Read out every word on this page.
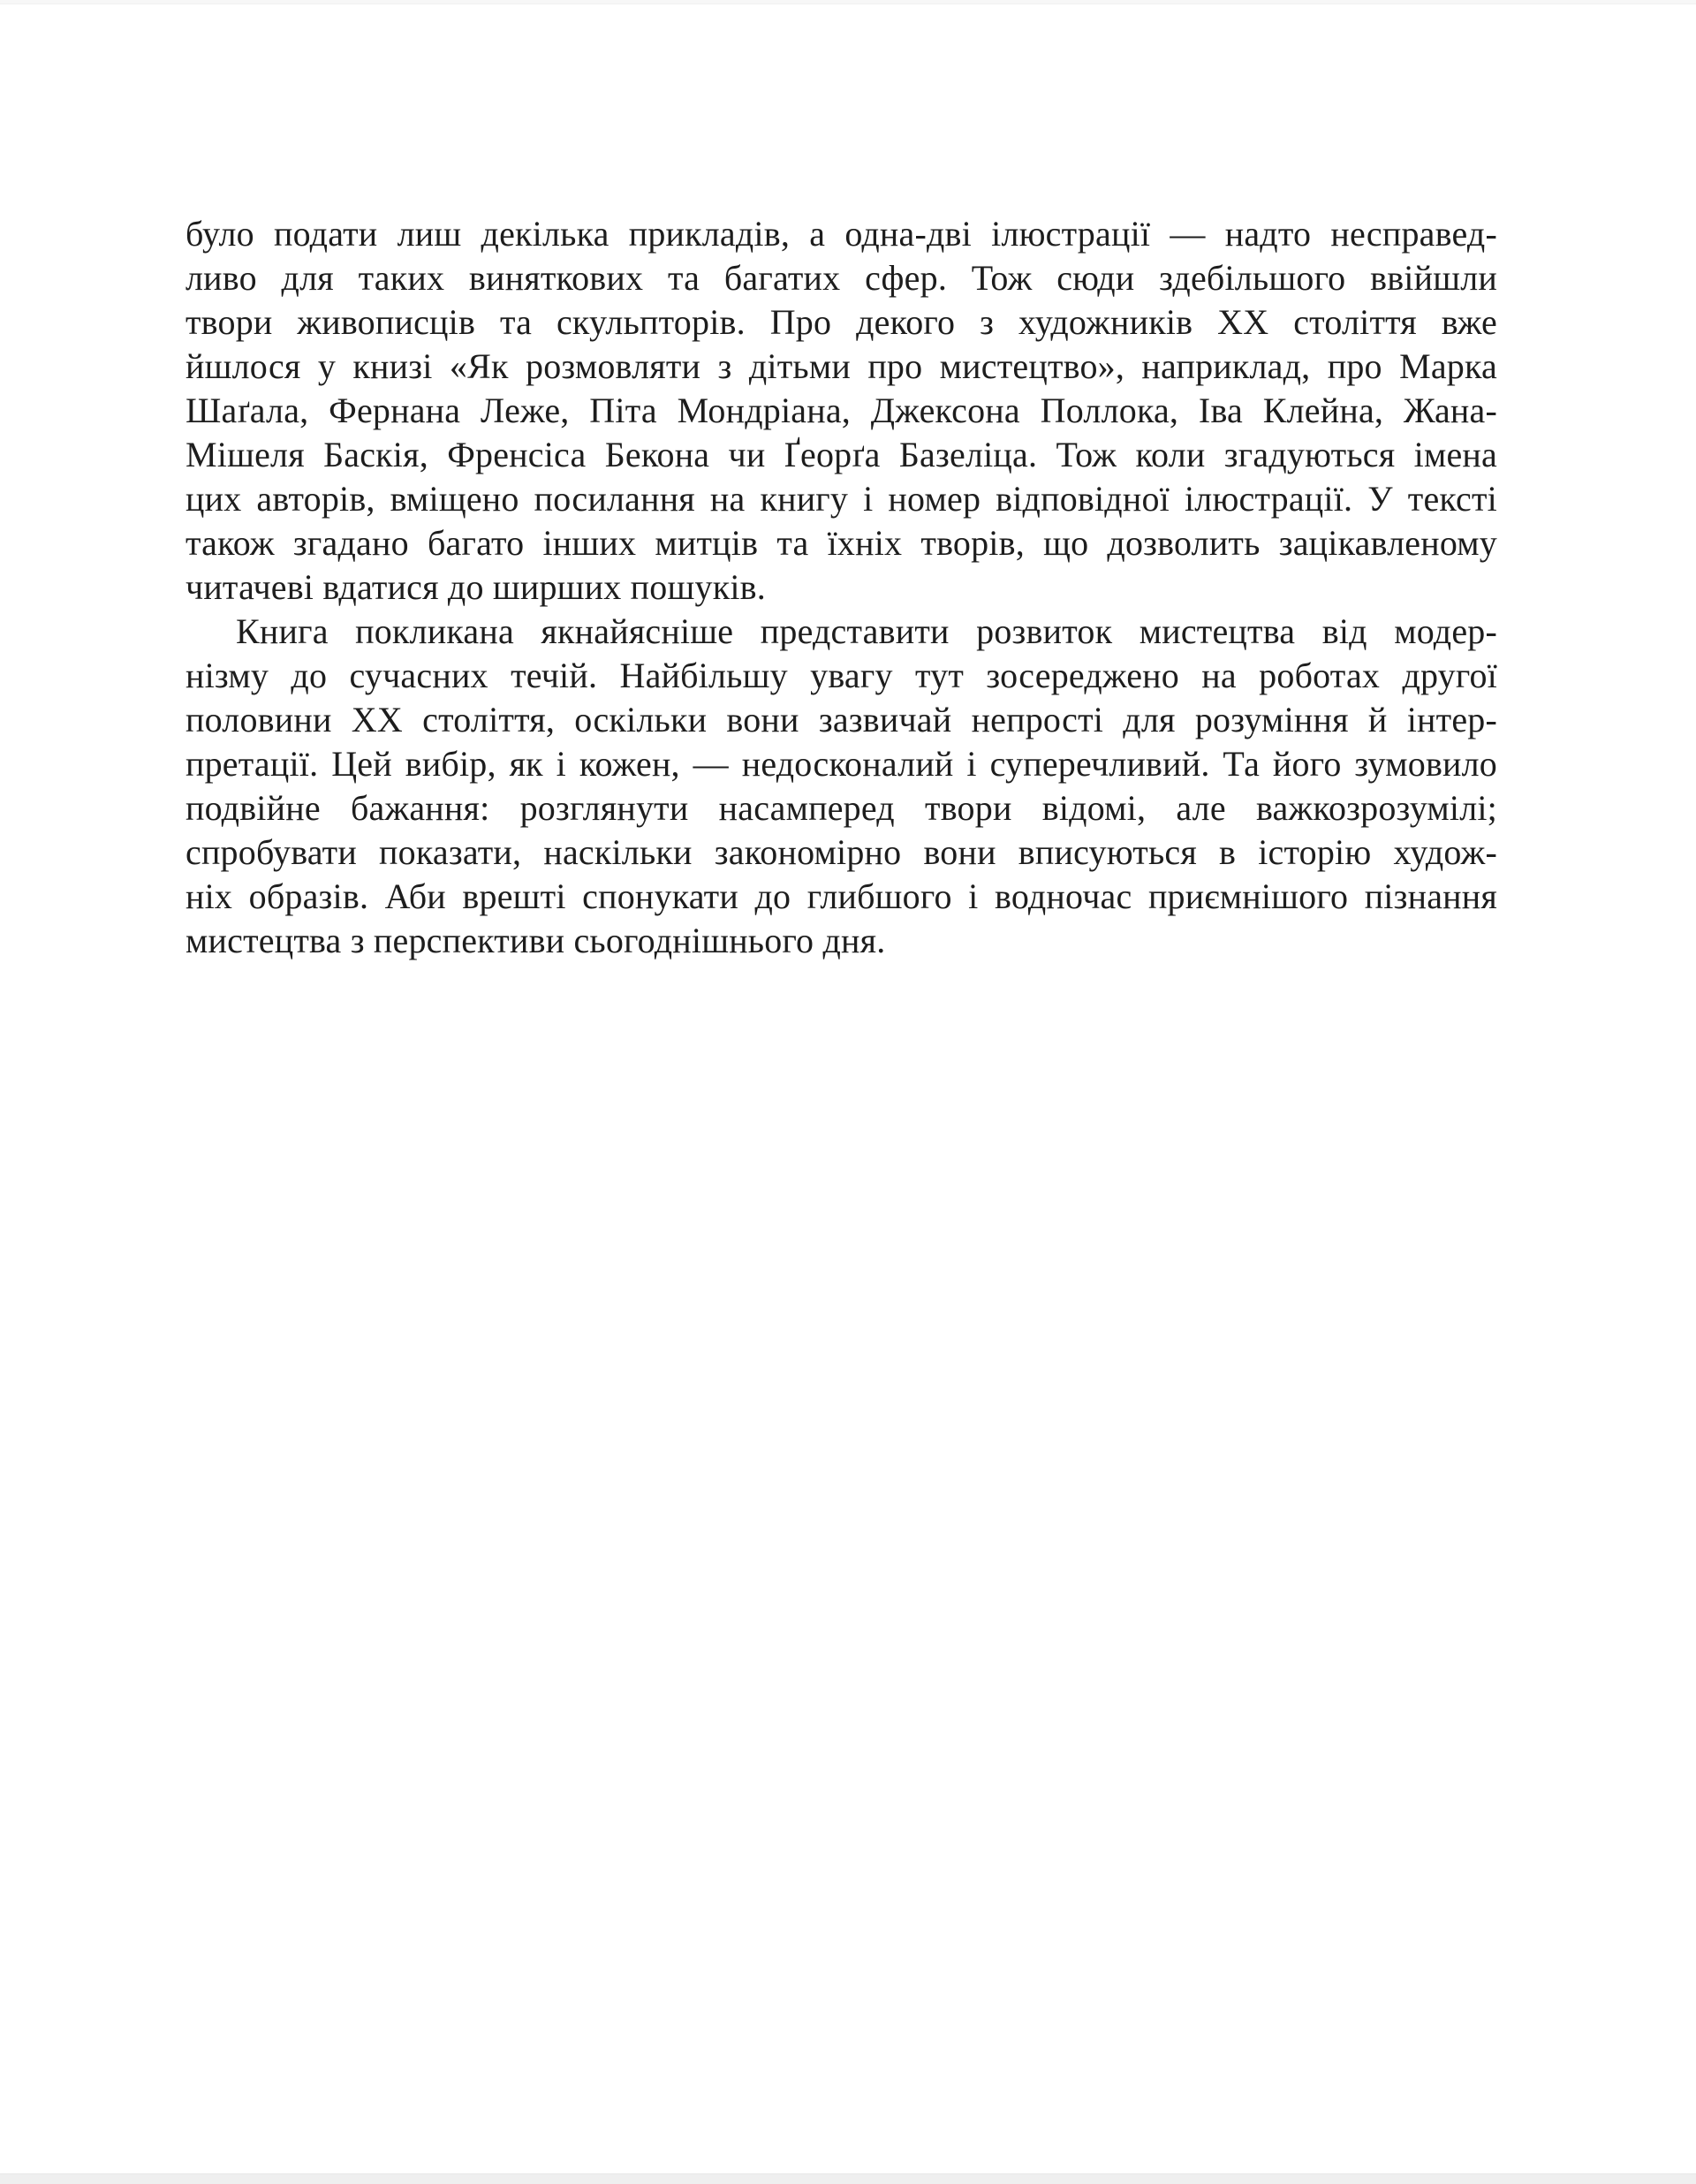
було подати лиш декілька прикладів, а одна-дві ілюстрації — надто несправед-
ливо для таких виняткових та багатих сфер. Тож сюди здебільшого ввійшли
твори живописців та скульпторів. Про декого з художників XX століття вже
йшлося у книзі «Як розмовляти з дітьми про мистецтво», наприклад, про Марка
Шаґала, Фернана Леже, Піта Мондріана, Джексона Поллока, Іва Клейна, Жана-
Мішеля Баскія, Френсіса Бекона чи Ґеорґа Базеліца. Тож коли згадуються імена
цих авторів, вміщено посилання на книгу і номер відповідної ілюстрації. У тексті
також згадано багато інших митців та їхніх творів, що дозволить зацікавленому
читачеві вдатися до ширших пошуків.
Книга покликана якнайясніше представити розвиток мистецтва від модер-
нізму до сучасних течій. Найбільшу увагу тут зосереджено на роботах другої
половини XX століття, оскільки вони зазвичай непрості для розуміння й інтер-
претації. Цей вибір, як і кожен, — недосконалий і суперечливий. Та його зумовило
подвійне бажання: розглянути насамперед твори відомі, але важкозрозумілі;
спробувати показати, наскільки закономірно вони вписуються в історію худож-
ніх образів. Аби врешті спонукати до глибшого і водночас приємнішого пізнання
мистецтва з перспективи сьогоднішнього дня.
